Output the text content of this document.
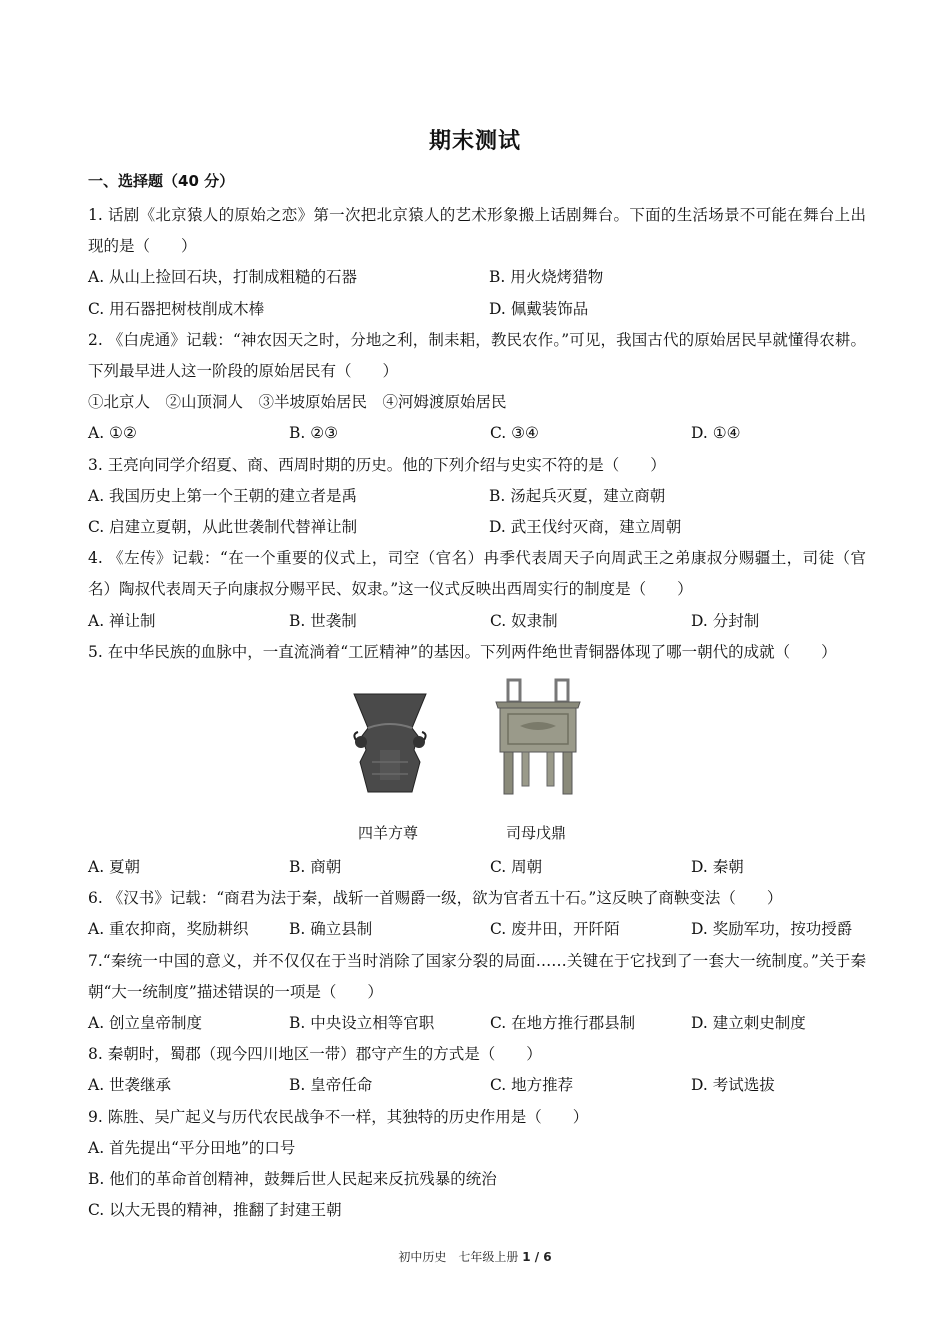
期末测试
一、选择题（40 分）
1. 话剧《北京猿人的原始之恋》第一次把北京猿人的艺术形象搬上话剧舞台。下面的生活场景不可能在舞台上出现的是（　　）
A. 从山上捡回石块，打制成粗糙的石器	B. 用火烧烤猎物
C. 用石器把树枝削成木棒	D. 佩戴装饰品
2. 《白虎通》记载：“神农因天之时，分地之利，制耒耜，教民农作。”可见，我国古代的原始居民早就懂得农耕。下列最早进人这一阶段的原始居民有（　　）
①北京人　②山顶洞人　③半坡原始居民　④河姆渡原始居民
A. ①②	B. ②③	C. ③④	D. ①④
3. 王亮向同学介绍夏、商、西周时期的历史。他的下列介绍与史实不符的是（　　）
A. 我国历史上第一个王朝的建立者是禹	B. 汤起兵灭夏，建立商朝
C. 启建立夏朝，从此世袭制代替禅让制	D. 武王伐纣灭商，建立周朝
4. 《左传》记载：“在一个重要的仪式上，司空（官名）冉季代表周天子向周武王之弟康叔分赐疆土，司徒（官名）陶叔代表周天子向康叔分赐平民、奴隶。”这一仪式反映出西周实行的制度是（　　）
A. 禅让制	B. 世袭制	C. 奴隶制	D. 分封制
5. 在中华民族的血脉中，一直流淌着“工匠精神”的基因。下列两件绝世青铜器体现了哪一朝代的成就（　　）
四羊方尊	司母戊鼎
A. 夏朝	B. 商朝	C. 周朝	D. 秦朝
6. 《汉书》记载：“商君为法于秦，战斩一首赐爵一级，欲为官者五十石。”这反映了商鞅变法（　　）
A. 重农抑商，奖励耕织	B. 确立县制	C. 废井田，开阡陌	D. 奖励军功，按功授爵
7.“秦统一中国的意义，并不仅仅在于当时消除了国家分裂的局面……关键在于它找到了一套大一统制度。”关于秦朝“大一统制度”描述错误的一项是（　　）
A. 创立皇帝制度	B. 中央设立相等官职	C. 在地方推行郡县制	D. 建立刺史制度
8. 秦朝时，蜀郡（现今四川地区一带）郡守产生的方式是（　　）
A. 世袭继承	B. 皇帝任命	C. 地方推荐	D. 考试选拔
9. 陈胜、吴广起义与历代农民战争不一样，其独特的历史作用是（　　）
A. 首先提出“平分田地”的口号
B. 他们的革命首创精神，鼓舞后世人民起来反抗残暴的统治
C. 以大无畏的精神，推翻了封建王朝
初中历史　七年级上册 1 / 6
